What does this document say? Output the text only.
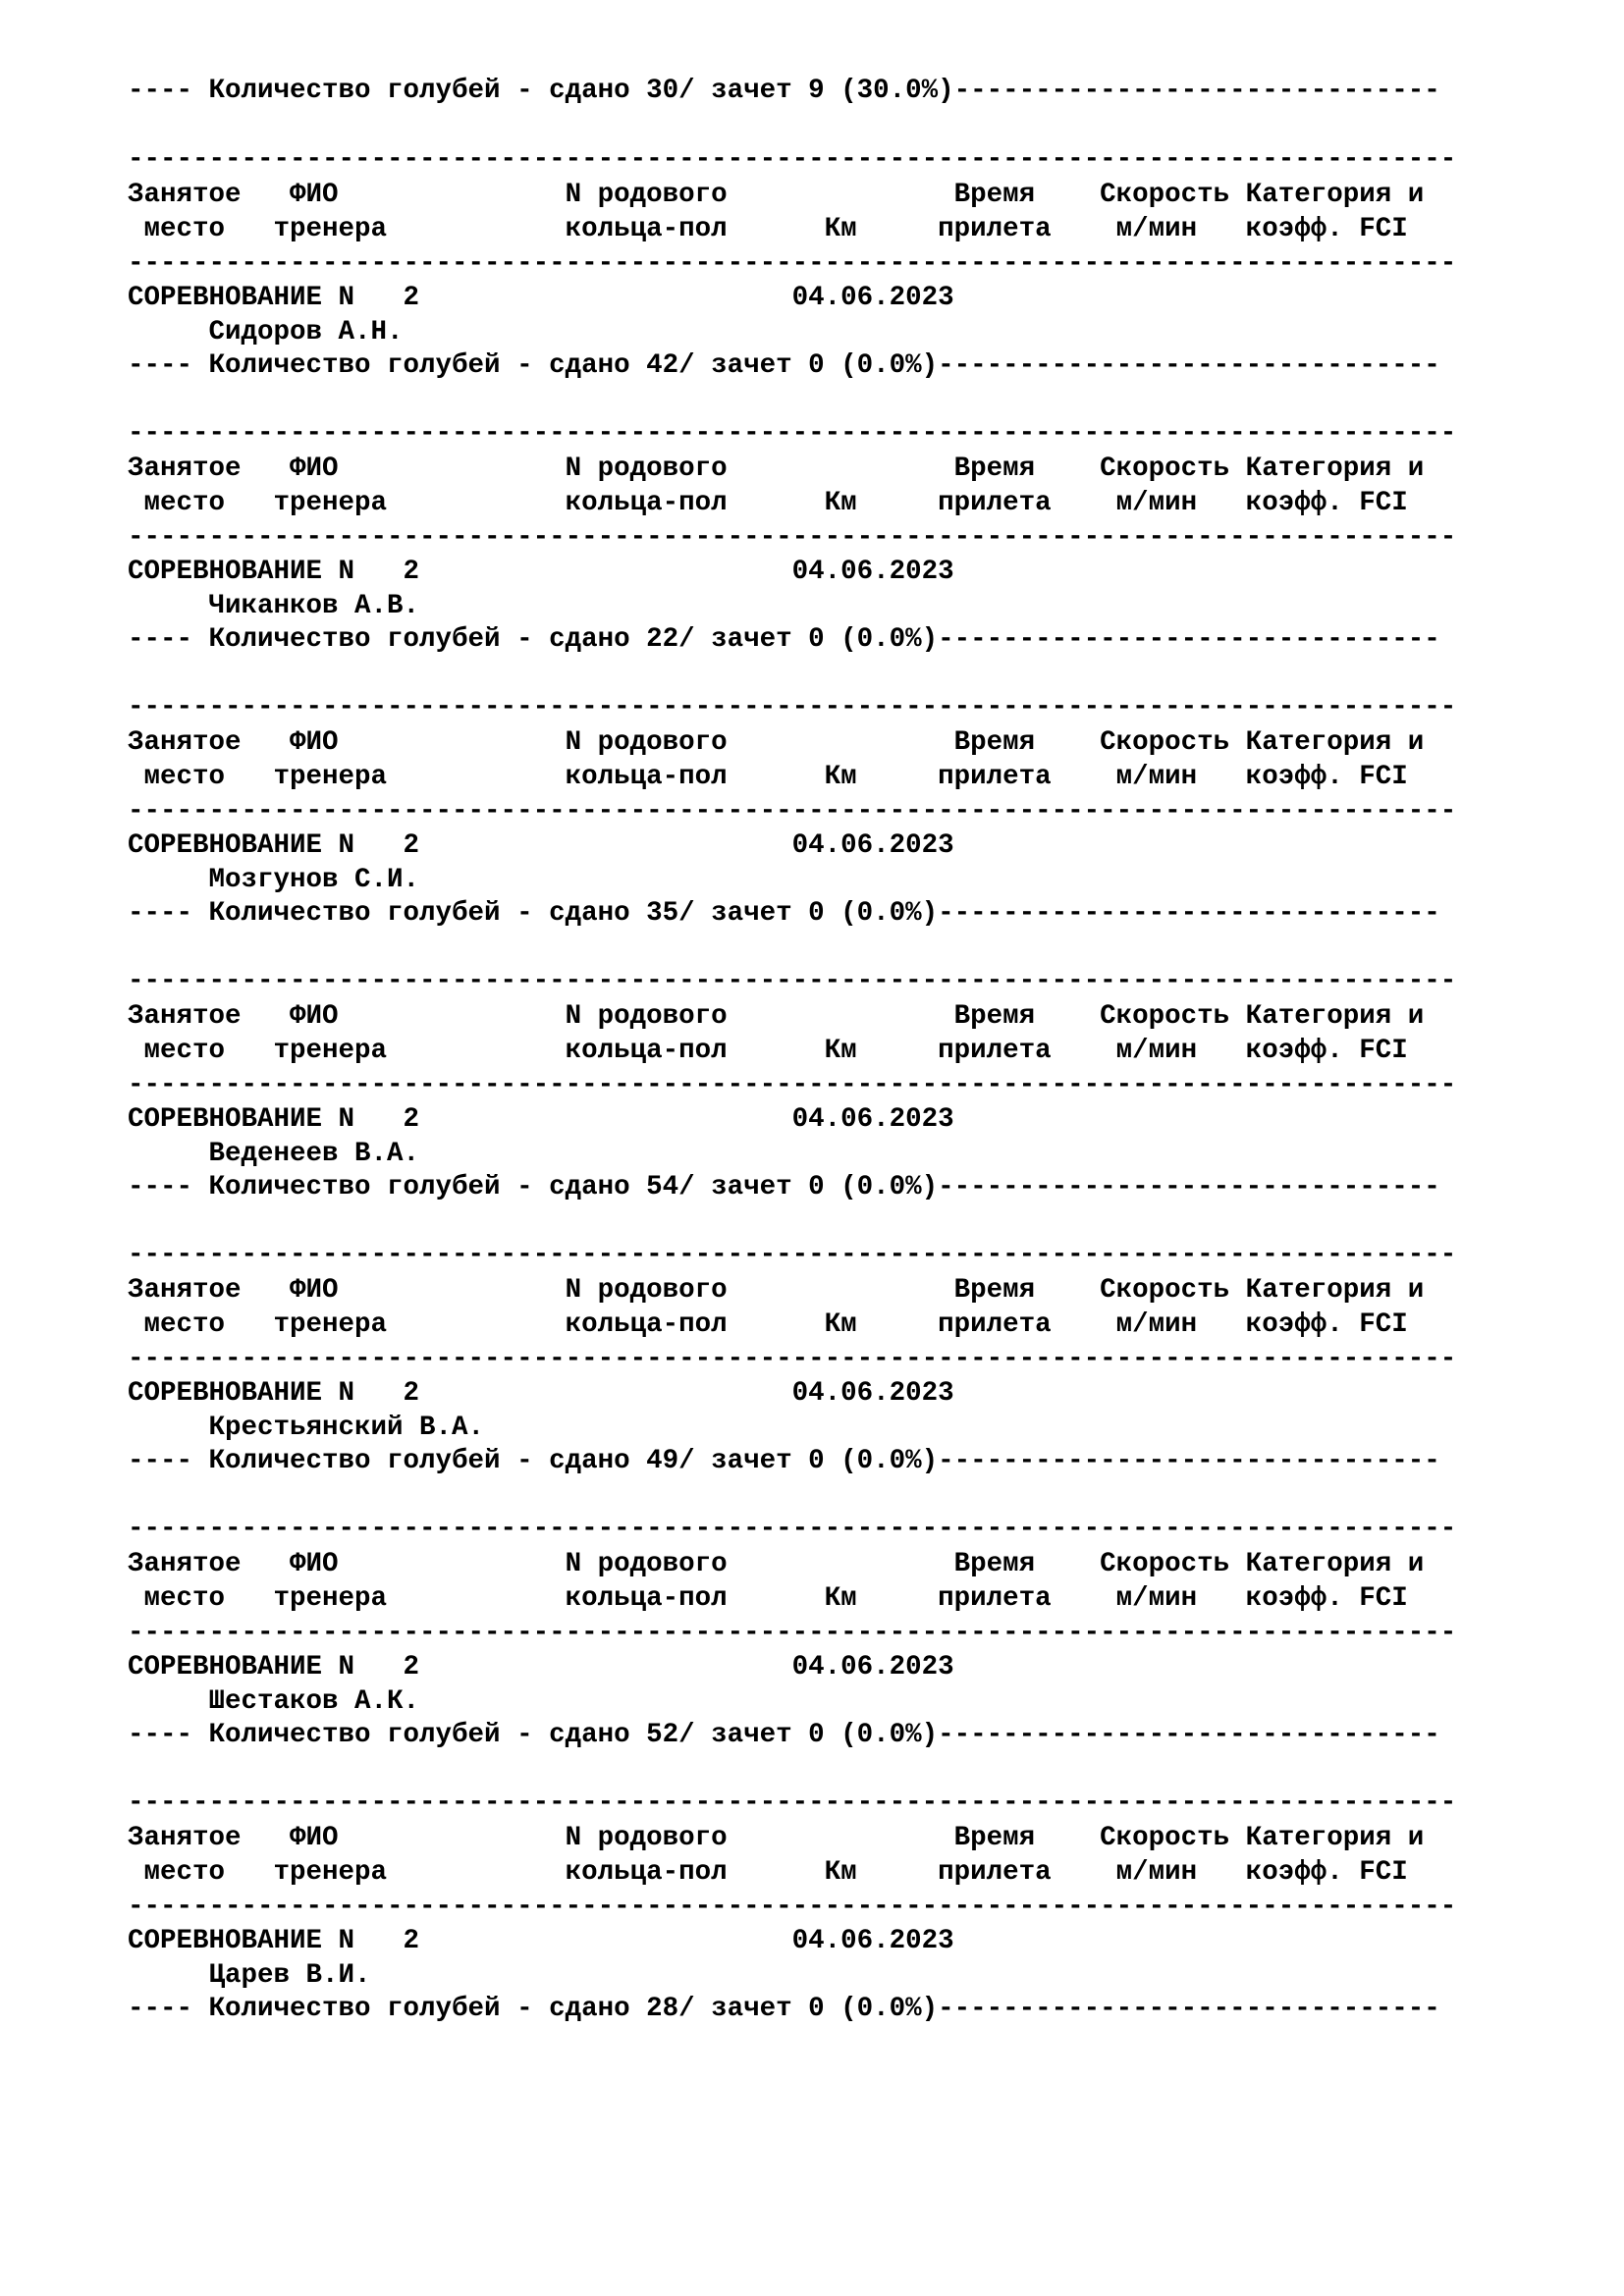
---- Количество голубей - сдано 30/ зачет 9 (30.0%)------------------------------
----------------------------------------------------------------------------------
Занятое   ФИО              N родового              Время    Скорость Категория и
место   тренера           кольца-пол      Км     прилета    м/мин   коэфф. FCI
----------------------------------------------------------------------------------
СОРЕВНОВАНИЕ N   2                       04.06.2023
Сидоров А.Н.
---- Количество голубей - сдано 42/ зачет 0 (0.0%)-------------------------------
----------------------------------------------------------------------------------
Занятое   ФИО              N родового              Время    Скорость Категория и
место   тренера           кольца-пол      Км     прилета    м/мин   коэфф. FCI
----------------------------------------------------------------------------------
СОРЕВНОВАНИЕ N   2                       04.06.2023
Чиканков А.В.
---- Количество голубей - сдано 22/ зачет 0 (0.0%)-------------------------------
----------------------------------------------------------------------------------
Занятое   ФИО              N родового              Время    Скорость Категория и
место   тренера           кольца-пол      Км     прилета    м/мин   коэфф. FCI
----------------------------------------------------------------------------------
СОРЕВНОВАНИЕ N   2                       04.06.2023
Мозгунов С.И.
---- Количество голубей - сдано 35/ зачет 0 (0.0%)-------------------------------
----------------------------------------------------------------------------------
Занятое   ФИО              N родового              Время    Скорость Категория и
место   тренера           кольца-пол      Км     прилета    м/мин   коэфф. FCI
----------------------------------------------------------------------------------
СОРЕВНОВАНИЕ N   2                       04.06.2023
Веденеев В.А.
---- Количество голубей - сдано 54/ зачет 0 (0.0%)-------------------------------
----------------------------------------------------------------------------------
Занятое   ФИО              N родового              Время    Скорость Категория и
место   тренера           кольца-пол      Км     прилета    м/мин   коэфф. FCI
----------------------------------------------------------------------------------
СОРЕВНОВАНИЕ N   2                       04.06.2023
Крестьянский В.А.
---- Количество голубей - сдано 49/ зачет 0 (0.0%)-------------------------------
----------------------------------------------------------------------------------
Занятое   ФИО              N родового              Время    Скорость Категория и
место   тренера           кольца-пол      Км     прилета    м/мин   коэфф. FCI
----------------------------------------------------------------------------------
СОРЕВНОВАНИЕ N   2                       04.06.2023
Шестаков А.К.
---- Количество голубей - сдано 52/ зачет 0 (0.0%)-------------------------------
----------------------------------------------------------------------------------
Занятое   ФИО              N родового              Время    Скорость Категория и
место   тренера           кольца-пол      Км     прилета    м/мин   коэфф. FCI
----------------------------------------------------------------------------------
СОРЕВНОВАНИЕ N   2                       04.06.2023
Царев В.И.
---- Количество голубей - сдано 28/ зачет 0 (0.0%)-------------------------------
